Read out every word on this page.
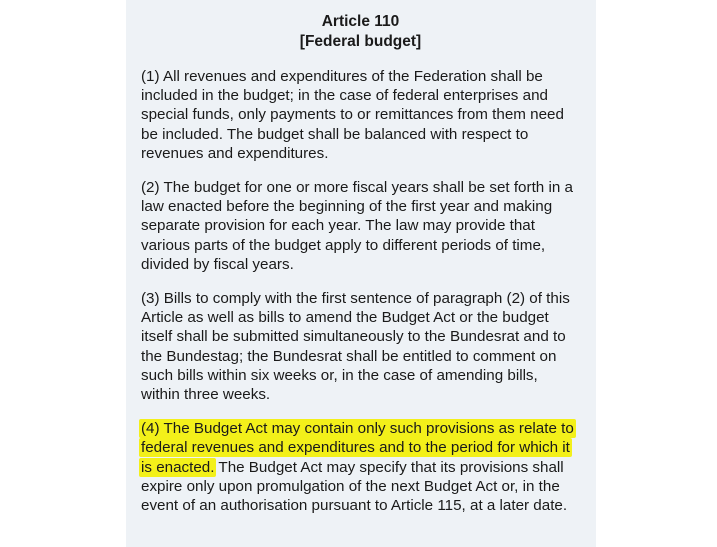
Article 110
[Federal budget]

(1) All revenues and expenditures of the Federation shall be included in the budget; in the case of federal enterprises and special funds, only payments to or remittances from them need be included. The budget shall be balanced with respect to revenues and expenditures.

(2) The budget for one or more fiscal years shall be set forth in a law enacted before the beginning of the first year and making separate provision for each year. The law may provide that various parts of the budget apply to different periods of time, divided by fiscal years.

(3) Bills to comply with the first sentence of paragraph (2) of this Article as well as bills to amend the Budget Act or the budget itself shall be submitted simultaneously to the Bundesrat and to the Bundestag; the Bundesrat shall be entitled to comment on such bills within six weeks or, in the case of amending bills, within three weeks.

(4) The Budget Act may contain only such provisions as relate to federal revenues and expenditures and to the period for which it is enacted. The Budget Act may specify that its provisions shall expire only upon promulgation of the next Budget Act or, in the event of an authorisation pursuant to Article 115, at a later date.
